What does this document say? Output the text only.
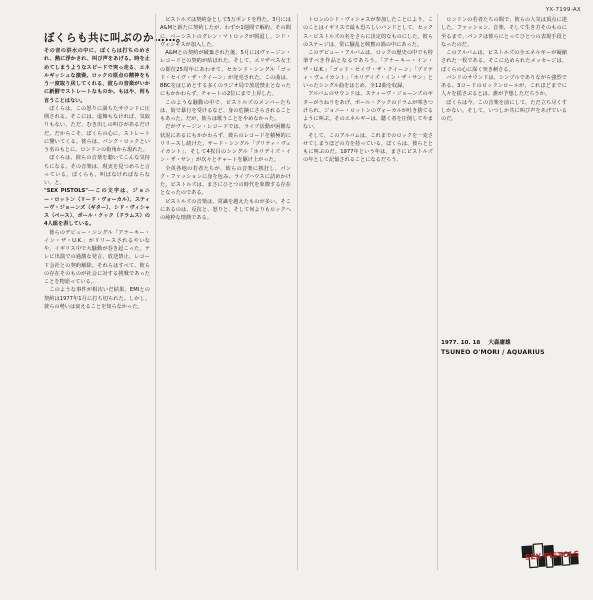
YX-7199-AX
ぼくらも共に叫ぶのか……。

その音の洪水の中に、ぼくらは打ちのめされ、熱に浮かされ、叫び声をあげる。時を止めてしまうようなスピードで突っ走る、エネルギッシュな演奏。ロックの原点の精神をもう一度取り戻してくれる、彼らの音楽がいかに新鮮でストレートなものか。もはや、何も言うことはない。

ぼくらは、この怒りに満ちたサウンドに圧倒される。そこには、虚飾もなければ、気取りもない。ただ、むき出しの叫びがあるだけだ。だからこそ、ぼくらの心に、ストレートに響いてくる。彼らは、パンク・ロックという名のもとに、ロンドンの街角から現れた。

ぼくらは、彼らの音楽を聴いてこんな気持ちになる。その音楽は、現実を見つめろと言っている。ぼくらも、叫ばなければならない、と。

"SEX PISTOLS"──この文字は、ジョニー・ロットン（リード・ヴォーカル）、スティーヴ・ジョーンズ（ギター）、シド・ヴィシャス（ベース）、ポール・クック（ドラムス）の4人組を表している。

彼らのデビュー・シングル「アナーキー・イン・ザ・U.K.」がリリースされるやいなや、イギリス中で大騒動が巻き起こった。テレビ出演での過激な発言、放送禁止、レコード会社との契約解除。それらはすべて、彼らの存在そのものが社会に対する挑戦であったことを物語っている。

このような事件が相次いだ結果、EMIとの契約は1977年1月に打ち切られた。しかし、彼らの勢いは衰えることを知らなかった。

ピストルズは契約金として5万ポンドを得た。3月にはA&Mと新たに契約したが、わずか1週間で解約。その間に、ベーシストのグレン・マトロックが脱退し、シド・ヴィシャスが加入した。

A&Mとの契約が破棄された後、5月にはヴァージン・レコードとの契約が結ばれた。そして、エリザベス女王の即位25周年にあわせて、セカンド・シングル「ゴッド・セイヴ・ザ・クイーン」が発売された。この曲は、BBCをはじめとする多くのラジオ局で放送禁止となったにもかかわらず、チャートの2位にまで上昇した。

このような騒動の中で、ピストルズのメンバーたちは、街で暴行を受けるなど、身の危険にさらされることもあった。だが、彼らは歌うことをやめなかった。

だがヴァージン・レコードでは、ライブ活動が困難な状況にあるにもかかわらず、彼らのレコードを積極的にリリースし続けた。サード・シングル「プリティ・ヴェイカント」、そして4枚目のシングル「ホリデイズ・イン・ザ・サン」が次々とチャートを駆け上がった。

全英各地の若者たちが、彼らの音楽に熱狂し、パンク・ファッションに身を包み、ライブハウスに詰めかけた。ピストルズは、まさにひとつの時代を象徴する存在となったのである。

ピストルズの音楽は、常識を越えたものが多い。そこにあるのは、反抗と、怒りと、そして何よりもロックへの純粋な情熱である。

トロンのシド・ヴィシャスが参加したことにより、このことはイギリスで最も恐ろしいバンドとして、セックス・ピストルズの名をさらに決定的なものにした。彼らのステージは、常に騒乱と興奮の渦の中にあった。

このデビュー・アルバムは、ロックの歴史の中でも特筆すべき作品となるであろう。「アナーキー・イン・ザ・U.K.」「ゴッド・セイヴ・ザ・クイーン」「プリティ・ヴェイカント」「ホリデイズ・イン・ザ・サン」といったシングル曲をはじめ、全12曲を収録。

アルバムのサウンドは、スティーヴ・ジョーンズのギターがうねりをあげ、ポール・クックのドラムが叩きつけられ、ジョニー・ロットンのヴォーカルが吐き捨てるように叫ぶ。そのエネルギーは、聴く者を圧倒してやまない。

そして、このアルバムは、これまでのロックを一変させてしまうほどの力を持っている。ぼくらは、彼らとともに叫ぶのだ。1977年という年は、まさにピストルズの年として記憶されることになるだろう。

ロンドンの若者たちの間で、彼らの人気は頂点に達した。ファッション、音楽、そして生き方そのものに至るまで、パンクは彼らにとってひとつの表現手段となったのだ。

このアルバムは、ピストルズの全エネルギーが凝縮された一枚である。そこに込められたメッセージは、ぼくらの心に深く突き刺さる。

バンドのサウンドは、シンプルでありながら強烈である。3コードのロックンロールが、これほどまでに人々を揺さぶるとは、誰が予想しただろうか。

ぼくらは今、この音楽を前にして、ただ立ち尽くすしかない。そして、いつしか共に叫び声をあげているのだ。

1977. 10. 18 大森庸雄
TSUNEO O'MORI / AQUARIUS
SEX PISTOLS
